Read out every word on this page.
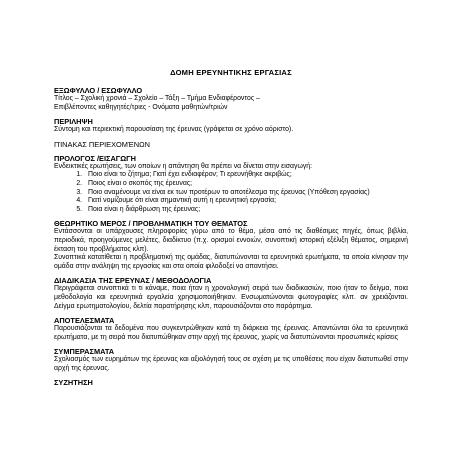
ΔΟΜΗ ΕΡΕΥΝΗΤΙΚΗΣ ΕΡΓΑΣΙΑΣ
ΕΞΩΦΥΛΛΟ / ΕΣΩΦΥΛΛΟ
Τίτλος – Σχολική χρονιά – Σχολείο – Τάξη – Τμήμα Ενδιαφέροντος –
Επιβλέποντες καθηγητές/τριες - Ονόματα μαθητών/τριών
ΠΕΡΙΛΗΨΗ
Σύντομη και περιεκτική παρουσίαση της έρευνας (γράφεται σε χρόνο αόριστο).
ΠΊΝΑΚΑΣ ΠΕΡΙΕΧΟΜΈΝΩΝ
ΠΡΟΛΟΓΟΣ /ΕΙΣΑΓΩΓΗ
Ενδεικτικές ερωτήσεις, των οποίων η απάντηση θα πρέπει να δίνεται στην εισαγωγή:
1. Ποιο είναι το ζήτημα; Γιατί έχει ενδιαφέρον; Τι ερευνήθηκε ακριβώς;
2. Ποιος είναι ο σκοπός της έρευνας;
3. Ποιο αναμένουμε να είναι εκ των προτέρων το αποτέλεσμα της έρευνας (Υπόθεση εργασίας)
4. Γιατί νομίζουμε ότι είναι σημαντική αυτή η ερευνητική εργασία;
5. Ποια είναι η διάρθρωση της έρευνας;
ΘΕΩΡΗΤΙΚΟ ΜΕΡΟΣ / ΠΡΟΒΛΗΜΑΤΙΚΗ ΤΟΥ ΘΕΜΑΤΟΣ
Εντάσσονται οι υπάρχουσες πληροφορίες γύρω από το θέμα, μέσα από τις διαθέσιμες πηγές, όπως βιβλία, περιοδικά, προηγούμενες μελέτες, διαδίκτυο (π.χ. ορισμοί εννοιών, συνοπτική ιστορική εξέλιξη θέματος, σημερινή έκταση του προβλήματος κλπ).
Συνοπτικά κατατίθεται η προβληματική της ομάδας, διατυπώνονται τα ερευνητικά ερωτήματα, τα οποία κίνησαν την ομάδα στην ανάληψη της εργασίας και στα οποία φιλοδοξεί να απαντήσει.
ΔΙΑΔΙΚΑΣΙΑ ΤΗΣ ΕΡΕΥΝΑΣ / ΜΕΘΟΔΟΛΟΓΙΑ
Περιγράφεται συνοπτικά τι τι κάναμε, ποια ήταν η χρονολογική σειρά των διαδικασιών, ποιο ήταν το δείγμα, ποια μεθοδολογία και ερευνητικά εργαλεία χρησιμοποιήθηκαν. Ενσωματώνονται φωτογραφίες κλπ. αν χρειάζονται. Δείγμα ερωτηματολογίου, δελτία παρατήρησης κλπ, παρουσιάζονται στο παράρτημα.
ΑΠΟΤΕΛΕΣΜΑΤΑ
Παρουσιάζονται τα δεδομένα που συγκεντρώθηκαν κατά τη διάρκεια της έρευνας. Απαντώνται όλα τα ερευνητικά ερωτήματα, με τη σειρά που διατυπώθηκαν στην αρχή της έρευνας, χωρίς να διατυπώνονται προσωπικές κρίσεις
ΣΥΜΠΕΡΑΣΜΑΤΑ
Σχολιασμός των ευρημάτων της έρευνας και αξιολόγησή τους σε σχέση με τις υποθέσεις που είχαν διατυπωθεί στην αρχή της έρευνας.
ΣΥΖΗΤΗΣΗ
